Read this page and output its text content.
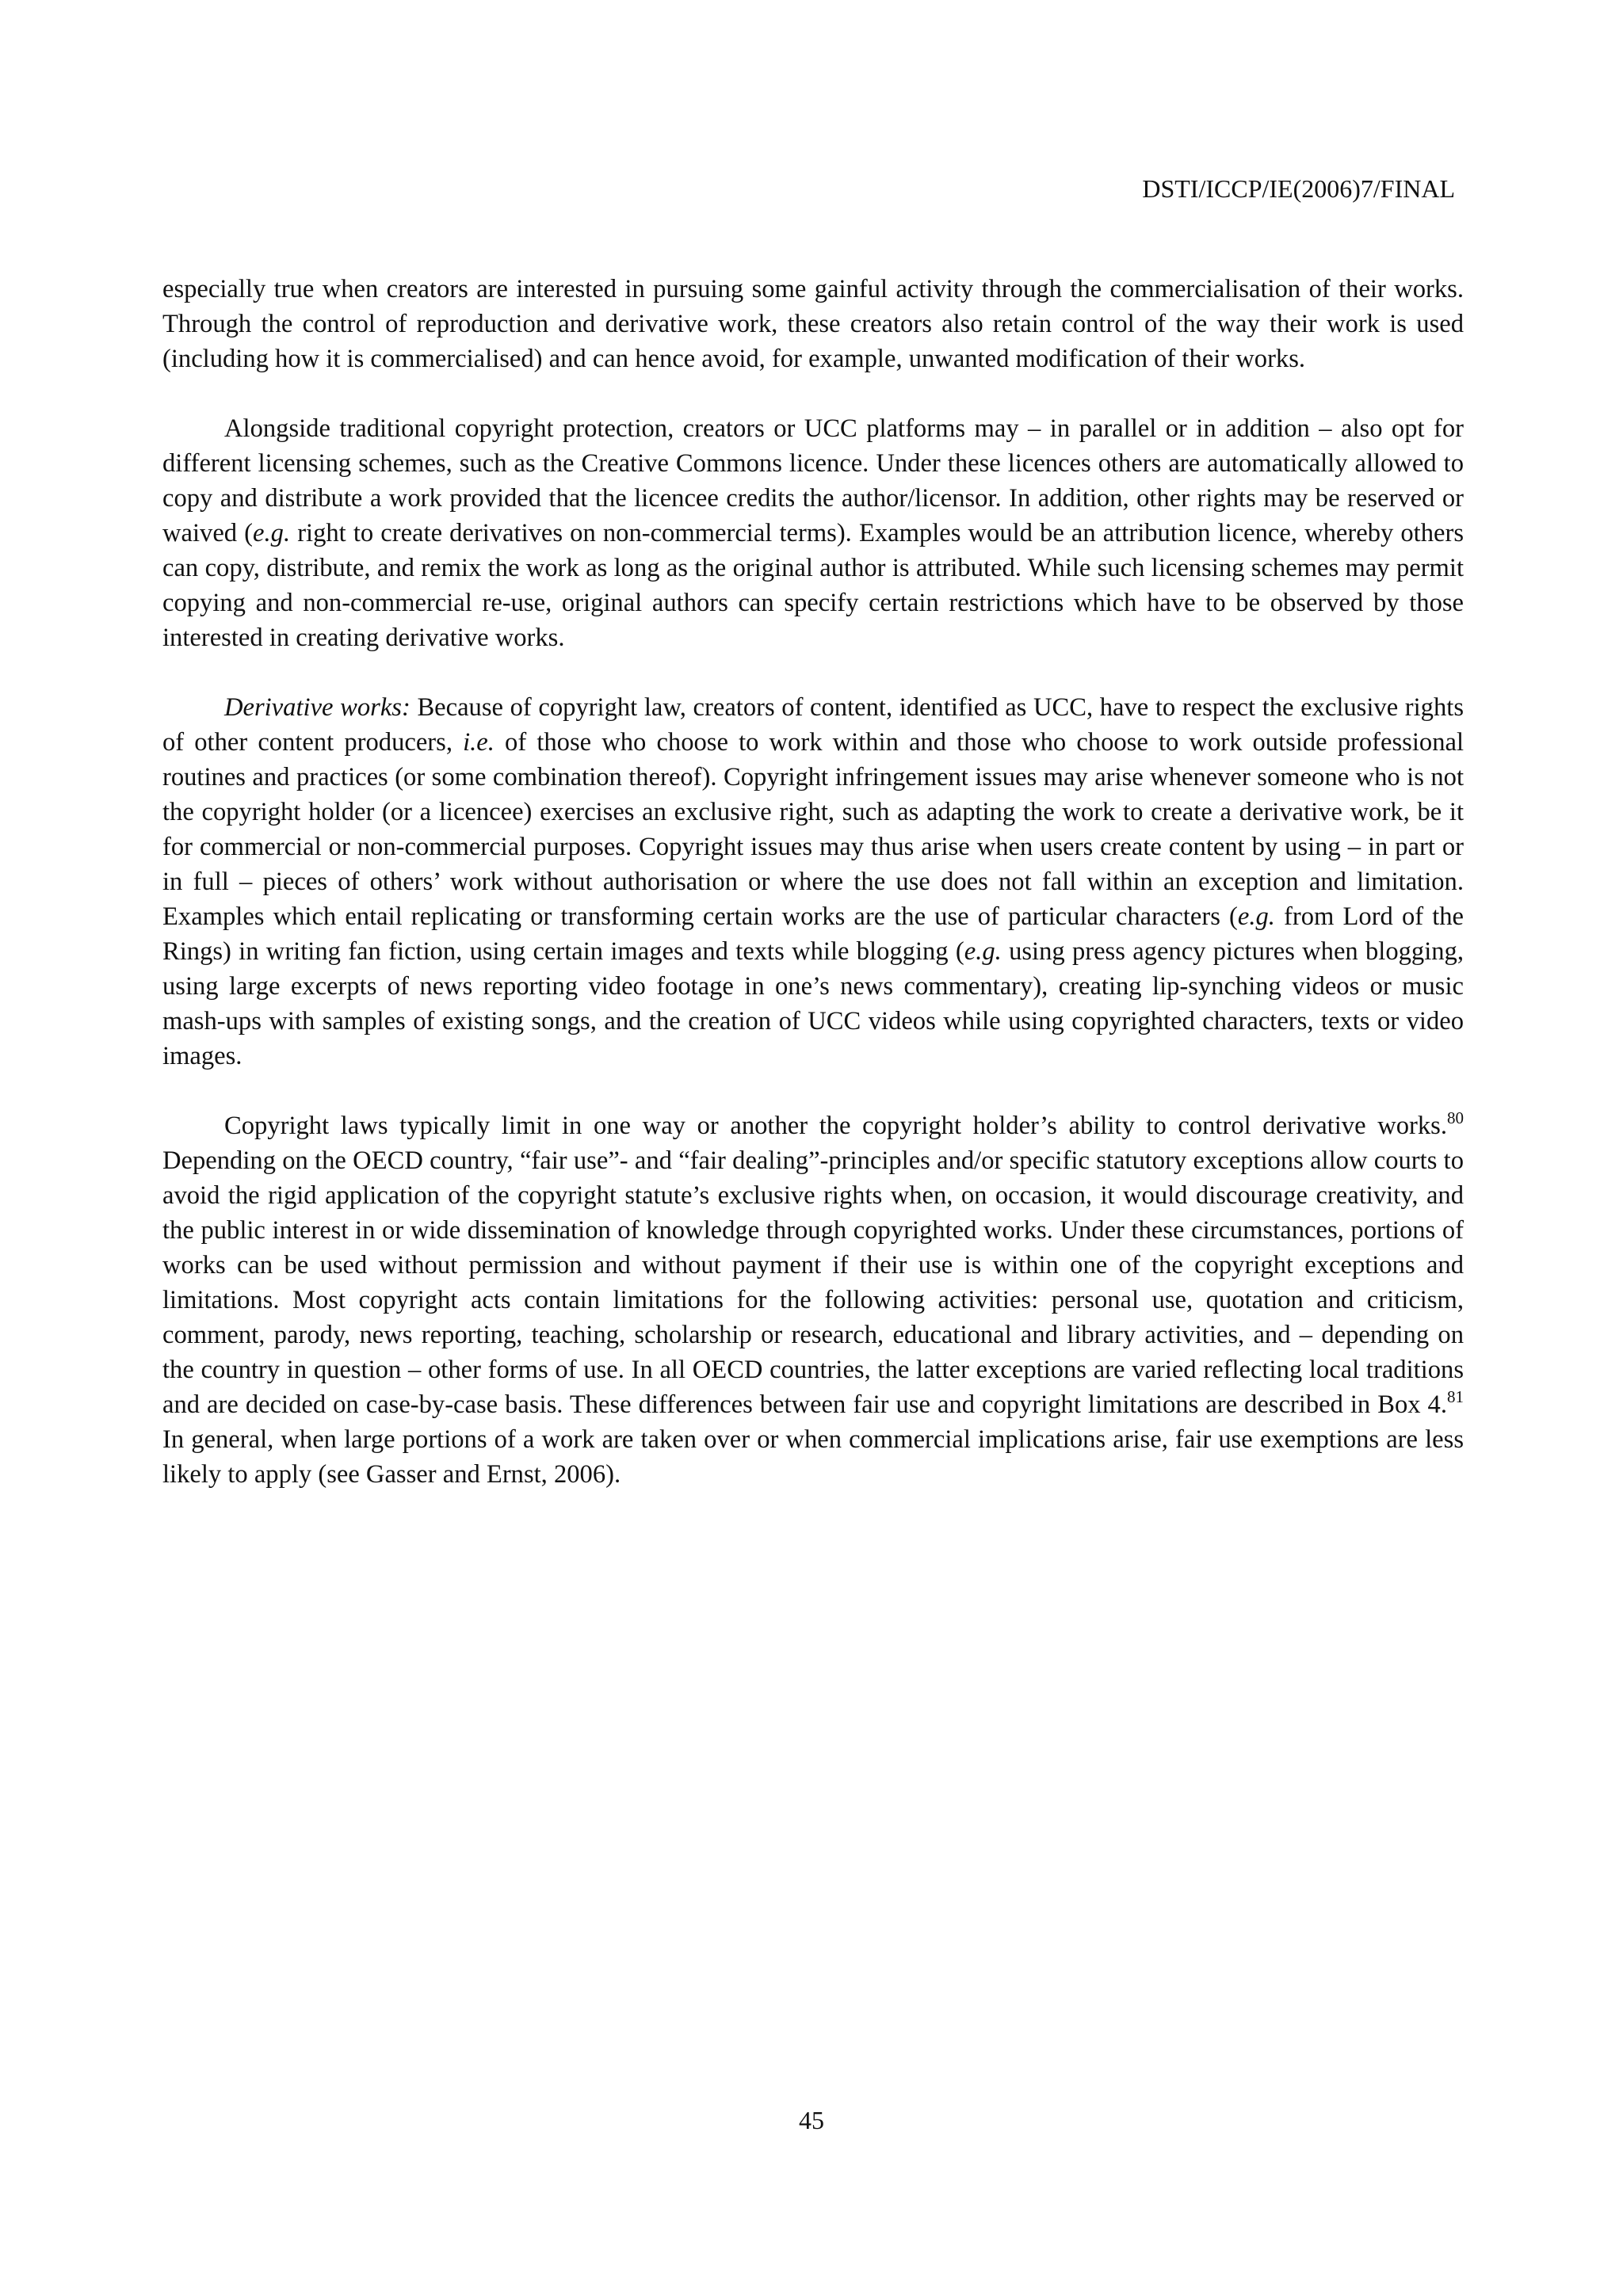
DSTI/ICCP/IE(2006)7/FINAL

especially true when creators are interested in pursuing some gainful activity through the commercialisation of their works. Through the control of reproduction and derivative work, these creators also retain control of the way their work is used (including how it is commercialised) and can hence avoid, for example, unwanted modification of their works.

Alongside traditional copyright protection, creators or UCC platforms may – in parallel or in addition – also opt for different licensing schemes, such as the Creative Commons licence. Under these licences others are automatically allowed to copy and distribute a work provided that the licencee credits the author/licensor. In addition, other rights may be reserved or waived (e.g. right to create derivatives on non-commercial terms). Examples would be an attribution licence, whereby others can copy, distribute, and remix the work as long as the original author is attributed. While such licensing schemes may permit copying and non-commercial re-use, original authors can specify certain restrictions which have to be observed by those interested in creating derivative works.

Derivative works: Because of copyright law, creators of content, identified as UCC, have to respect the exclusive rights of other content producers, i.e. of those who choose to work within and those who choose to work outside professional routines and practices (or some combination thereof). Copyright infringement issues may arise whenever someone who is not the copyright holder (or a licencee) exercises an exclusive right, such as adapting the work to create a derivative work, be it for commercial or non-commercial purposes. Copyright issues may thus arise when users create content by using – in part or in full – pieces of others’ work without authorisation or where the use does not fall within an exception and limitation. Examples which entail replicating or transforming certain works are the use of particular characters (e.g. from Lord of the Rings) in writing fan fiction, using certain images and texts while blogging (e.g. using press agency pictures when blogging, using large excerpts of news reporting video footage in one’s news commentary), creating lip-synching videos or music mash-ups with samples of existing songs, and the creation of UCC videos while using copyrighted characters, texts or video images.

Copyright laws typically limit in one way or another the copyright holder’s ability to control derivative works.$^{80}$ Depending on the OECD country, “fair use”- and “fair dealing”-principles and/or specific statutory exceptions allow courts to avoid the rigid application of the copyright statute’s exclusive rights when, on occasion, it would discourage creativity, and the public interest in or wide dissemination of knowledge through copyrighted works. Under these circumstances, portions of works can be used without permission and without payment if their use is within one of the copyright exceptions and limitations. Most copyright acts contain limitations for the following activities: personal use, quotation and criticism, comment, parody, news reporting, teaching, scholarship or research, educational and library activities, and – depending on the country in question – other forms of use. In all OECD countries, the latter exceptions are varied reflecting local traditions and are decided on case-by-case basis. These differences between fair use and copyright limitations are described in Box 4.81 In general, when large portions of a work are taken over or when commercial implications arise, fair use exemptions are less likely to apply (see Gasser and Ernst, 2006).

45
